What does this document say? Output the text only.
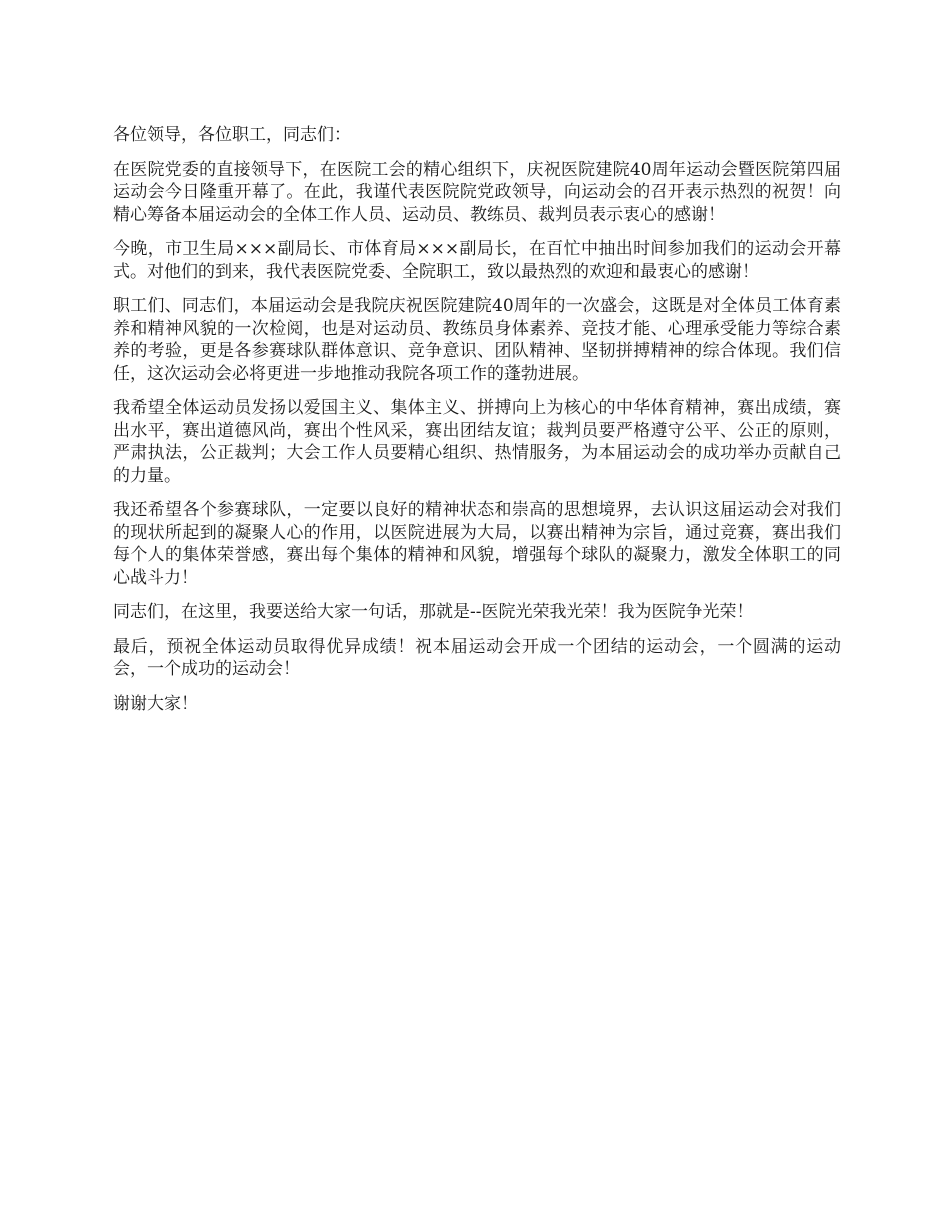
各位领导，各位职工，同志们：

在医院党委的直接领导下，在医院工会的精心组织下，庆祝医院建院40周年运动会暨医院第四届运动会今日隆重开幕了。在此，我谨代表医院院党政领导，向运动会的召开表示热烈的祝贺！向精心筹备本届运动会的全体工作人员、运动员、教练员、裁判员表示衷心的感谢！

今晚，市卫生局×××副局长、市体育局×××副局长，在百忙中抽出时间参加我们的运动会开幕式。对他们的到来，我代表医院党委、全院职工，致以最热烈的欢迎和最衷心的感谢！

职工们、同志们，本届运动会是我院庆祝医院建院40周年的一次盛会，这既是对全体员工体育素养和精神风貌的一次检阅，也是对运动员、教练员身体素养、竞技才能、心理承受能力等综合素养的考验，更是各参赛球队群体意识、竞争意识、团队精神、坚韧拼搏精神的综合体现。我们信任，这次运动会必将更进一步地推动我院各项工作的蓬勃进展。

我希望全体运动员发扬以爱国主义、集体主义、拼搏向上为核心的中华体育精神，赛出成绩，赛出水平，赛出道德风尚，赛出个性风采，赛出团结友谊；裁判员要严格遵守公平、公正的原则，严肃执法，公正裁判；大会工作人员要精心组织、热情服务，为本届运动会的成功举办贡献自己的力量。

我还希望各个参赛球队，一定要以良好的精神状态和崇高的思想境界，去认识这届运动会对我们的现状所起到的凝聚人心的作用，以医院进展为大局，以赛出精神为宗旨，通过竞赛，赛出我们每个人的集体荣誉感，赛出每个集体的精神和风貌，增强每个球队的凝聚力，激发全体职工的同心战斗力！

同志们，在这里，我要送给大家一句话，那就是--医院光荣我光荣！我为医院争光荣！

最后，预祝全体运动员取得优异成绩！祝本届运动会开成一个团结的运动会，一个圆满的运动会，一个成功的运动会！

谢谢大家！
